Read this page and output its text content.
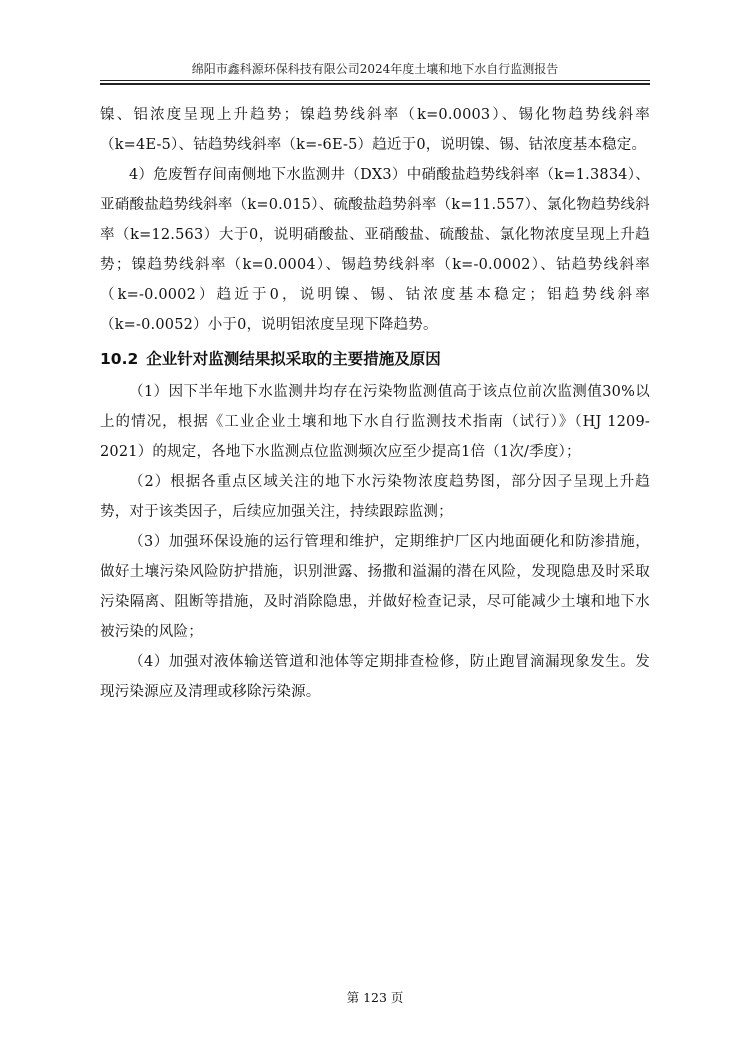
绵阳市鑫科源环保科技有限公司2024年度土壤和地下水自行监测报告

镍、铝浓度呈现上升趋势；镍趋势线斜率（k=0.0003）、锡化物趋势线斜率（k=4E-5）、钴趋势线斜率（k=-6E-5）趋近于0，说明镍、锡、钴浓度基本稳定。

4）危废暂存间南侧地下水监测井（DX3）中硝酸盐趋势线斜率（k=1.3834）、亚硝酸盐趋势线斜率（k=0.015）、硫酸盐趋势斜率（k=11.557）、氯化物趋势线斜率（k=12.563）大于0，说明硝酸盐、亚硝酸盐、硫酸盐、氯化物浓度呈现上升趋势；镍趋势线斜率（k=0.0004）、锡趋势线斜率（k=-0.0002）、钴趋势线斜率（k=-0.0002）趋近于0，说明镍、锡、钴浓度基本稳定；铝趋势线斜率（k=-0.0052）小于0，说明铝浓度呈现下降趋势。

10.2 企业针对监测结果拟采取的主要措施及原因

（1）因下半年地下水监测井均存在污染物监测值高于该点位前次监测值30%以上的情况，根据《工业企业土壤和地下水自行监测技术指南（试行）》（HJ 1209-2021）的规定，各地下水监测点位监测频次应至少提高1倍（1次/季度）；

（2）根据各重点区域关注的地下水污染物浓度趋势图，部分因子呈现上升趋势，对于该类因子，后续应加强关注，持续跟踪监测；

（3）加强环保设施的运行管理和维护，定期维护厂区内地面硬化和防渗措施，做好土壤污染风险防护措施，识别泄露、扬撒和溢漏的潜在风险，发现隐患及时采取污染隔离、阻断等措施，及时消除隐患，并做好检查记录，尽可能减少土壤和地下水被污染的风险；

（4）加强对液体输送管道和池体等定期排查检修，防止跑冒滴漏现象发生。发现污染源应及清理或移除污染源。

第 123 页
